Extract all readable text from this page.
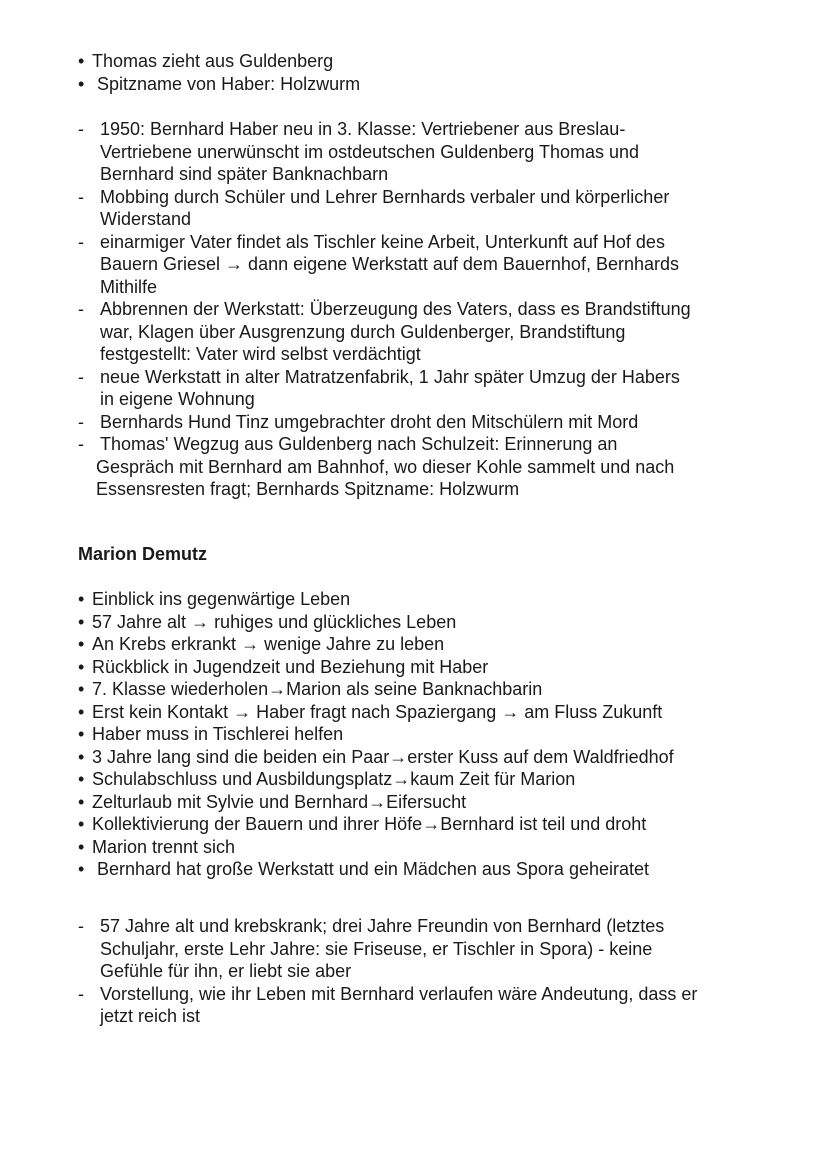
• Thomas zieht aus Guldenberg
• Spitzname von Haber: Holzwurm
- 1950: Bernhard Haber neu in 3. Klasse: Vertriebener aus Breslau-
Vertriebene unerwünscht im ostdeutschen Guldenberg Thomas und
Bernhard sind später Banknachbarn
- Mobbing durch Schüler und Lehrer Bernhards verbaler und körperlicher
Widerstand
- einarmiger Vater findet als Tischler keine Arbeit, Unterkunft auf Hof des
Bauern Griesel → dann eigene Werkstatt auf dem Bauernhof, Bernhards
Mithilfe
- Abbrennen der Werkstatt: Überzeugung des Vaters, dass es Brandstiftung
war, Klagen über Ausgrenzung durch Guldenberger, Brandstiftung
festgestellt: Vater wird selbst verdächtigt
- neue Werkstatt in alter Matratzenfabrik, 1 Jahr später Umzug der Habers
in eigene Wohnung
- Bernhards Hund Tinz umgebrachter droht den Mitschülern mit Mord
- Thomas' Wegzug aus Guldenberg nach Schulzeit: Erinnerung an
Gespräch mit Bernhard am Bahnhof, wo dieser Kohle sammelt und nach
Essensresten fragt; Bernhards Spitzname: Holzwurm
Marion Demutz
• Einblick ins gegenwärtige Leben
• 57 Jahre alt → ruhiges und glückliches Leben
• An Krebs erkrankt → wenige Jahre zu leben
• Rückblick in Jugendzeit und Beziehung mit Haber
• 7. Klasse wiederholen→Marion als seine Banknachbarin
• Erst kein Kontakt → Haber fragt nach Spaziergang → am Fluss Zukunft
• Haber muss in Tischlerei helfen
• 3 Jahre lang sind die beiden ein Paar→erster Kuss auf dem Waldfriedhof
• Schulabschluss und Ausbildungsplatz→kaum Zeit für Marion
• Zelturlaub mit Sylvie und Bernhard→Eifersucht
• Kollektivierung der Bauern und ihrer Höfe→Bernhard ist teil und droht
• Marion trennt sich
• Bernhard hat große Werkstatt und ein Mädchen aus Spora geheiratet
- 57 Jahre alt und krebskrank; drei Jahre Freundin von Bernhard (letztes
Schuljahr, erste Lehr Jahre: sie Friseuse, er Tischler in Spora) - keine
Gefühle für ihn, er liebt sie aber
- Vorstellung, wie ihr Leben mit Bernhard verlaufen wäre Andeutung, dass er
jetzt reich ist
